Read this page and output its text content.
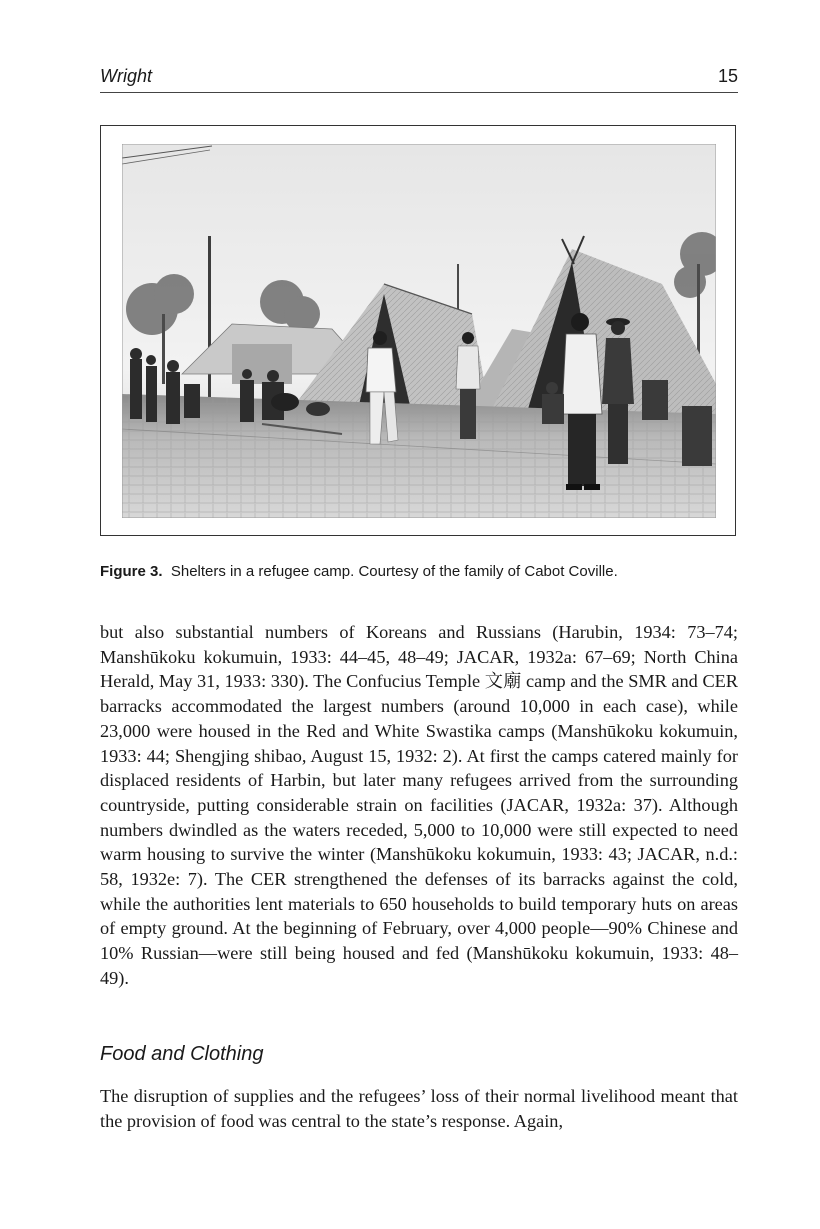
Wright	15
Figure 3. Shelters in a refugee camp. Courtesy of the family of Cabot Coville.

but also substantial numbers of Koreans and Russians (Harubin, 1934: 73–74; Manshūkoku kokumuin, 1933: 44–45, 48–49; JACAR, 1932a: 67–69; North China Herald, May 31, 1933: 330). The Confucius Temple 文廟 camp and the SMR and CER barracks accommodated the largest numbers (around 10,000 in each case), while 23,000 were housed in the Red and White Swastika camps (Manshūkoku kokumuin, 1933: 44; Shengjing shibao, August 15, 1932: 2). At first the camps catered mainly for displaced residents of Harbin, but later many refugees arrived from the surrounding countryside, putting considerable strain on facilities (JACAR, 1932a: 37). Although numbers dwindled as the waters receded, 5,000 to 10,000 were still expected to need warm housing to survive the winter (Manshūkoku kokumuin, 1933: 43; JACAR, n.d.: 58, 1932e: 7). The CER strengthened the defenses of its barracks against the cold, while the authorities lent materials to 650 households to build temporary huts on areas of empty ground. At the beginning of February, over 4,000 people—90% Chinese and 10% Russian—were still being housed and fed (Manshūkoku kokumuin, 1933: 48–49).

Food and Clothing

The disruption of supplies and the refugees’ loss of their normal livelihood meant that the provision of food was central to the state’s response. Again,
